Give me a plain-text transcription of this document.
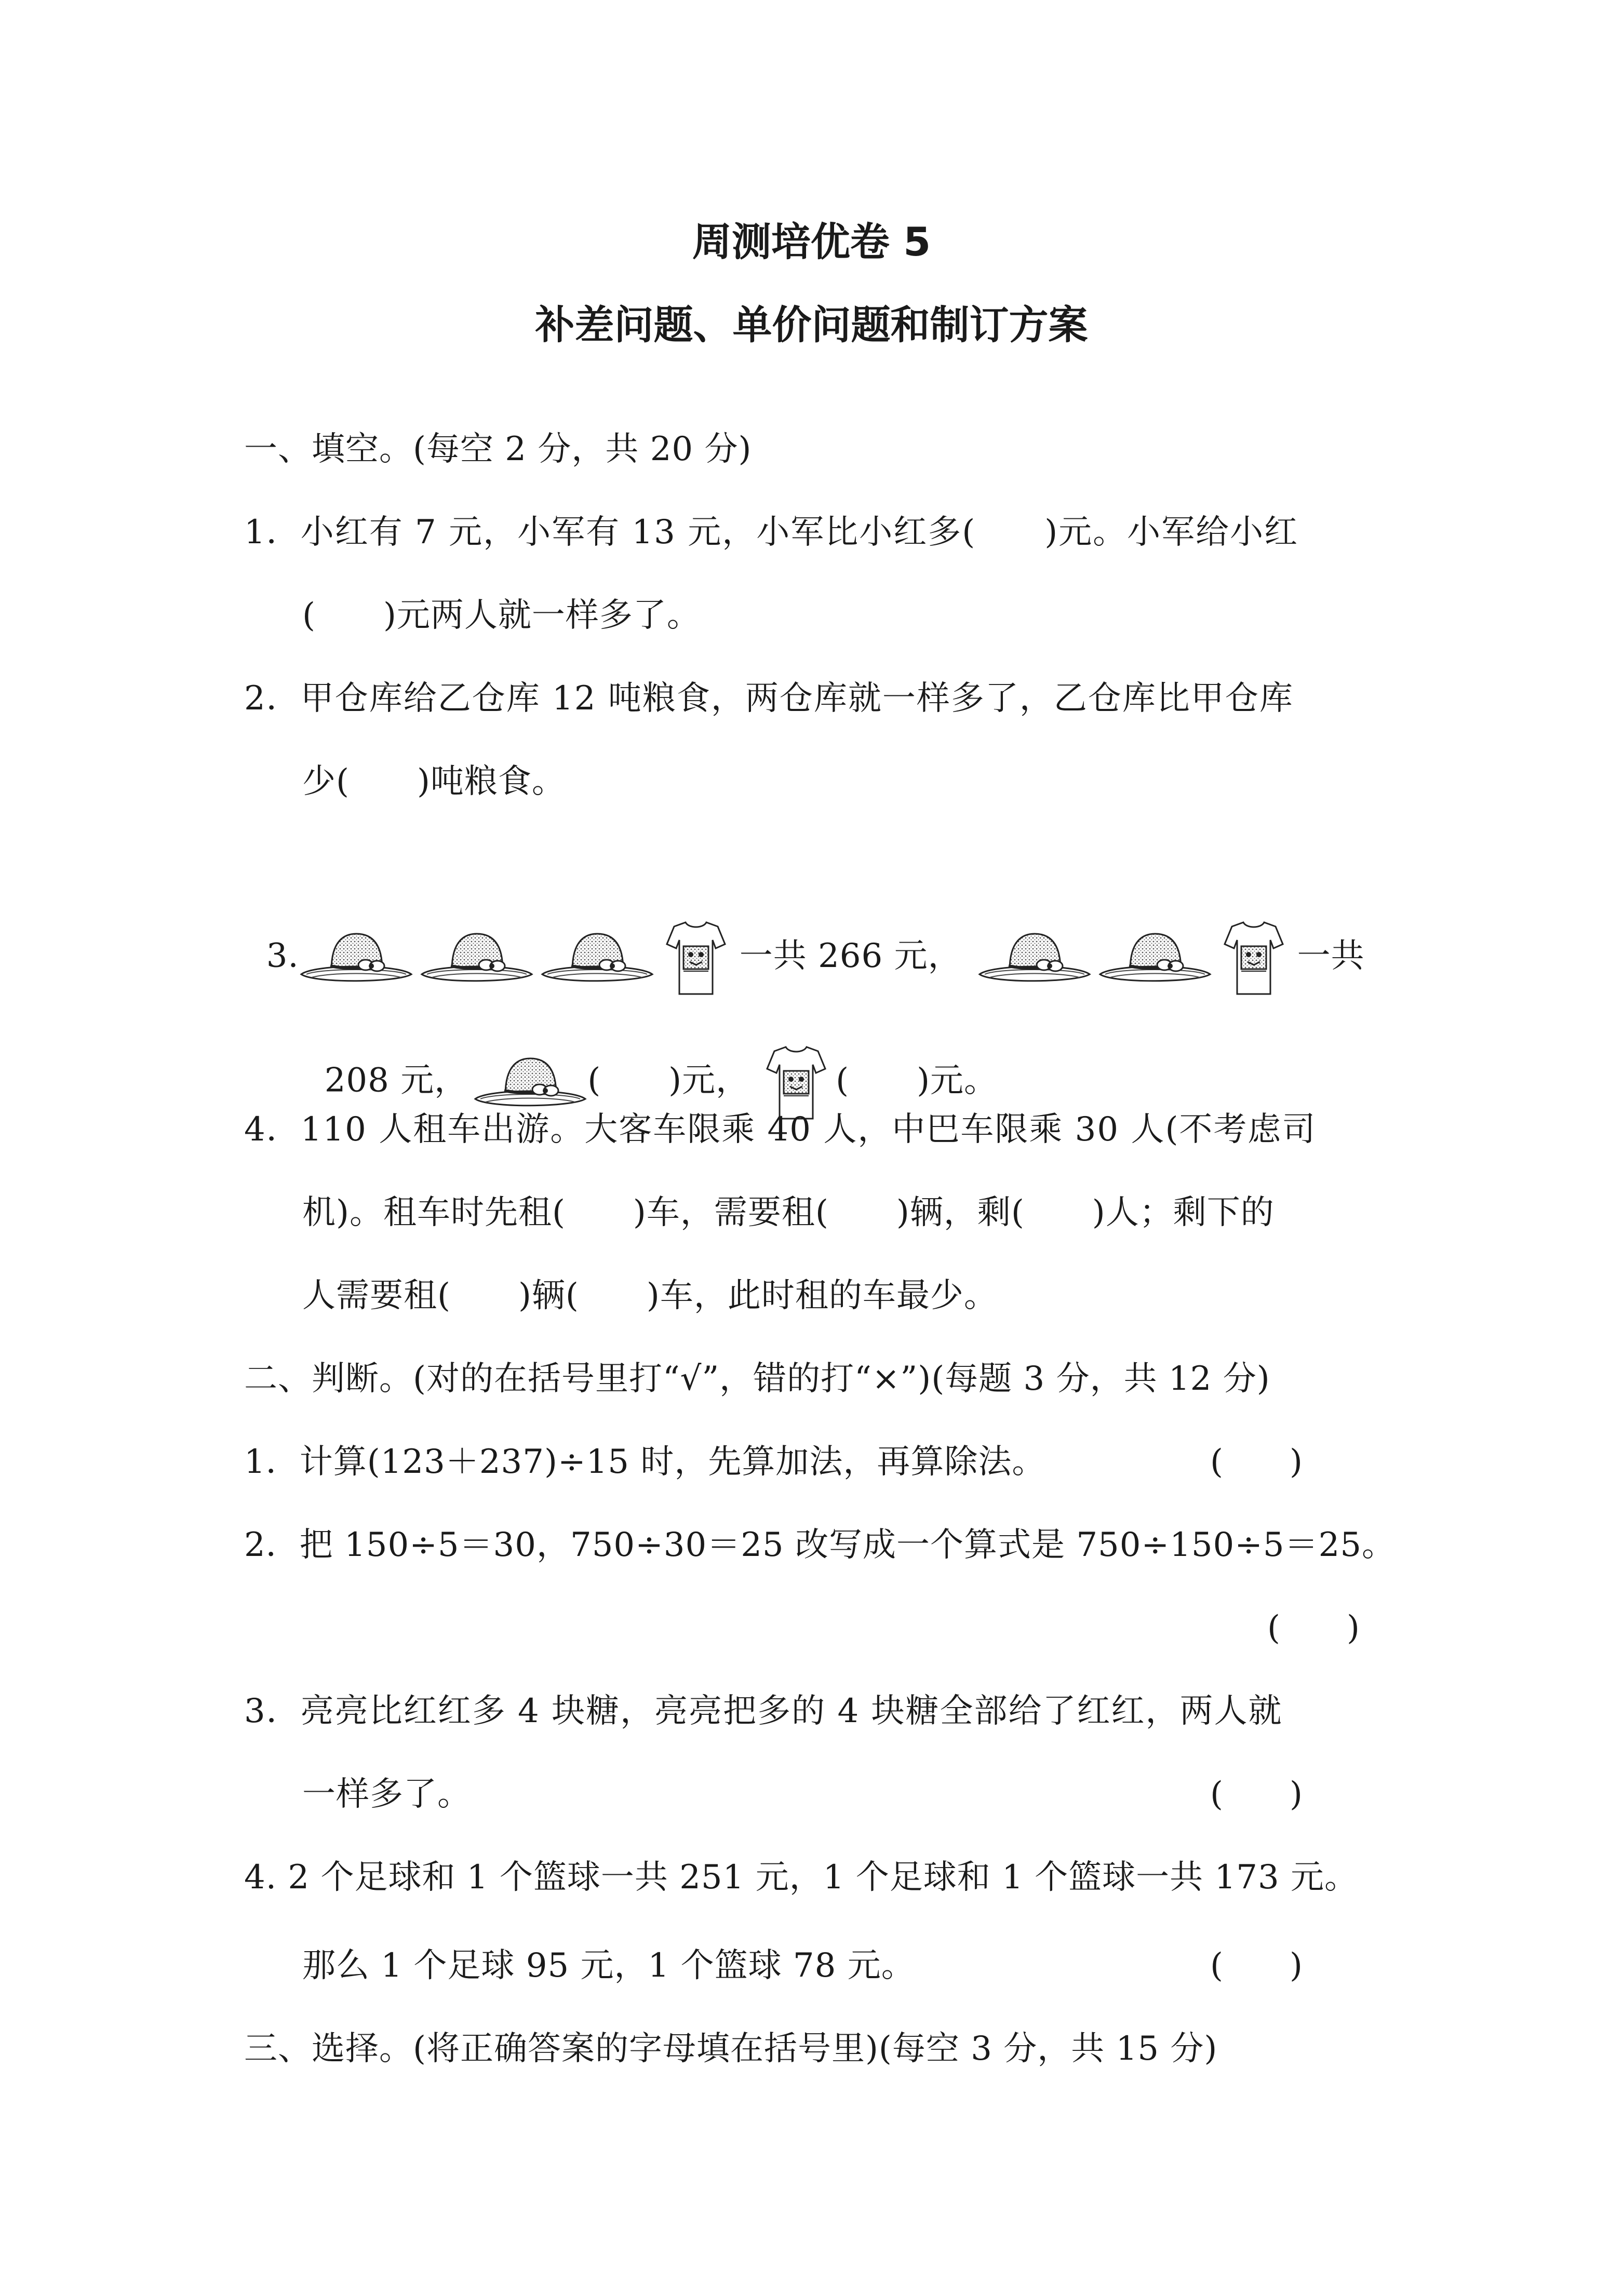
周测培优卷 5
补差问题、单价问题和制订方案
一、填空。(每空 2 分，共 20 分)
1．小红有 7 元，小军有 13 元，小军比小红多(　　)元。小军给小红
(　　)元两人就一样多了。
2．甲仓库给乙仓库 12 吨粮食，两仓库就一样多了，乙仓库比甲仓库
少(　　)吨粮食。

3.	一共 266 元，	一共

208 元，	(　　)元，	(　　)元。

4．110 人租车出游。大客车限乘 40 人，中巴车限乘 30 人(不考虑司
机)。租车时先租(　　)车，需要租(　　)辆，剩(　　)人；剩下的
人需要租(　　)辆(　　)车，此时租的车最少。
二、判断。(对的在括号里打“√”，错的打“×”)(每题 3 分，共 12 分)
1．计算(123＋237)÷15 时，先算加法，再算除法。	(　　)
2．把 150÷5＝30，750÷30＝25 改写成一个算式是 750÷150÷5＝25。
(　　)
3．亮亮比红红多 4 块糖，亮亮把多的 4 块糖全部给了红红，两人就
一样多了。	(　　)
4. 2 个足球和 1 个篮球一共 251 元，1 个足球和 1 个篮球一共 173 元。
那么 1 个足球 95 元，1 个篮球 78 元。	(　　)
三、选择。(将正确答案的字母填在括号里)(每空 3 分，共 15 分)
